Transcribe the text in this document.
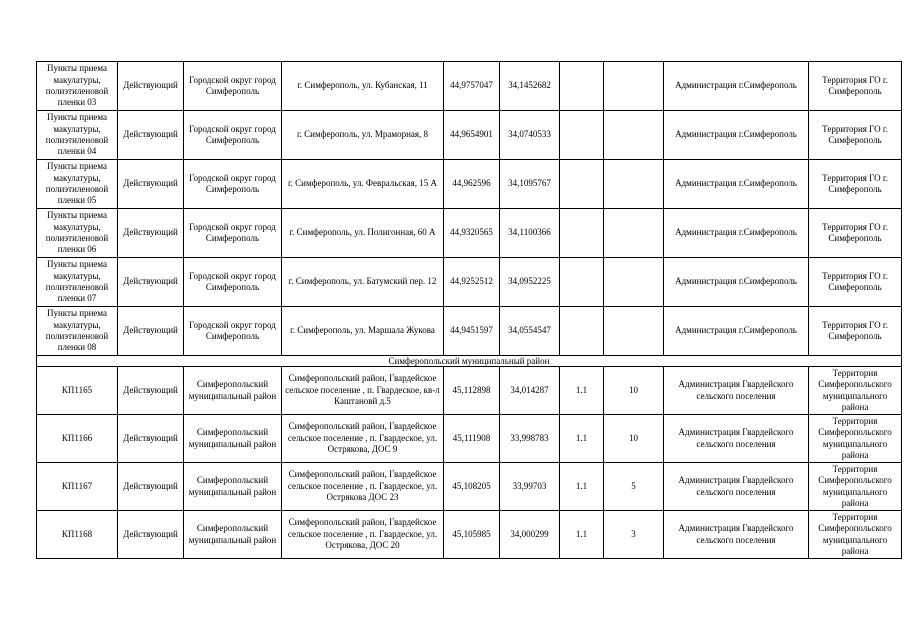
Пункты приема макулатуры, полиэтиленовой пленки 03	Действующий	Городской округ город Симферополь	г. Симферополь, ул. Кубанская, 11	44,9757047	34,1452682			Администрация г.Симферополь	Территория ГО г. Симферополь
Пункты приема макулатуры, полиэтиленовой пленки 04	Действующий	Городской округ город Симферополь	г. Симферополь, ул. Мраморная, 8	44,9654901	34,0740533			Администрация г.Симферополь	Территория ГО г. Симферополь
Пункты приема макулатуры, полиэтиленовой пленки 05	Действующий	Городской округ город Симферополь	г. Симферополь, ул. Февральская, 15 А	44,962596	34,1095767			Администрация г.Симферополь	Территория ГО г. Симферополь
Пункты приема макулатуры, полиэтиленовой пленки 06	Действующий	Городской округ город Симферополь	г. Симферополь, ул. Полигонная, 60 А	44,9320565	34,1100366			Администрация г.Симферополь	Территория ГО г. Симферополь
Пункты приема макулатуры, полиэтиленовой пленки 07	Действующий	Городской округ город Симферополь	г. Симферополь, ул. Батумский пер. 12	44,9252512	34,0952225			Администрация г.Симферополь	Территория ГО г. Симферополь
Пункты приема макулатуры, полиэтиленовой пленки 08	Действующий	Городской округ город Симферополь	г. Симферополь, ул. Маршала Жукова	44,9451597	34,0554547			Администрация г.Симферополь	Территория ГО г. Симферополь
Симферопольский муниципальный район									
КП1165	Действующий	Симферопольский муниципальный район	Симферопольский район, Гвардейское сельское поселение , п. Гвардеское, кв-л Каштановй д.5	45,112898	34,014287	1.1	10	Администрация Гвардейского сельского поселения	Территория Симферопольского муниципального района
КП1166	Действующий	Симферопольский муниципальный район	Симферопольский район, Гвардейское сельское поселение , п. Гвардеское, ул. Острякова, ДОС 9	45,111908	33,998783	1.1	10	Администрация Гвардейского сельского поселения	Территория Симферопольского муниципального района
КП1167	Действующий	Симферопольский муниципальный район	Симферопольский район, Гвардейское сельское поселение , п. Гвардеское, ул. Острякова ДОС 23	45,108205	33,99703	1.1	5	Администрация Гвардейского сельского поселения	Территория Симферопольского муниципального района
КП1168	Действующий	Симферопольский муниципальный район	Симферопольский район, Гвардейское сельское поселение , п. Гвардеское, ул. Острякова, ДОС 20	45,105985	34,000299	1.1	3	Администрация Гвардейского сельского поселения	Территория Симферопольского муниципального района
